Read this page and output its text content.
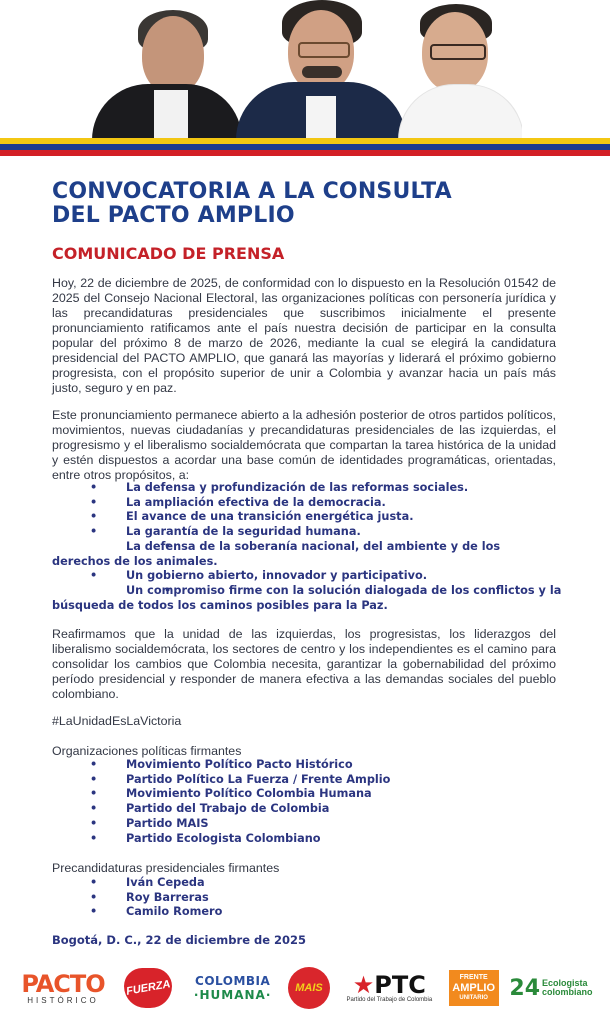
CONVOCATORIA A LA CONSULTA
DEL PACTO AMPLIO
COMUNICADO DE PRENSA

Hoy, 22 de diciembre de 2025, de conformidad con lo dispuesto en la Resolución 01542 de 2025 del Consejo Nacional Electoral, las organizaciones políticas con personería jurídica y las precandidaturas presidenciales que suscribimos inicialmente el presente pronunciamiento ratificamos ante el país nuestra decisión de participar en la consulta popular del próximo 8 de marzo de 2026, mediante la cual se elegirá la candidatura presidencial del PACTO AMPLIO, que ganará las mayorías y liderará el próximo gobierno progresista, con el propósito superior de unir a Colombia y avanzar hacia un país más justo, seguro y en paz.

Este pronunciamiento permanece abierto a la adhesión posterior de otros partidos políticos, movimientos, nuevas ciudadanías y precandidaturas presidenciales de las izquierdas, el progresismo y el liberalismo socialdemócrata que compartan la tarea histórica de la unidad y estén dispuestos a acordar una base común de identidades programáticas, orientadas, entre otros propósitos, a:

• La defensa y profundización de las reformas sociales.
• La ampliación efectiva de la democracia.
• El avance de una transición energética justa.
• La garantía de la seguridad humana.
• La defensa de la soberanía nacional, del ambiente y de los derechos de los animales.
• Un gobierno abierto, innovador y participativo.
• Un compromiso firme con la solución dialogada de los conflictos y la búsqueda de todos los caminos posibles para la Paz.

Reafirmamos que la unidad de las izquierdas, los progresistas, los liderazgos del liberalismo socialdemócrata, los sectores de centro y los independientes es el camino para consolidar los cambios que Colombia necesita, garantizar la gobernabilidad del próximo período presidencial y responder de manera efectiva a las demandas sociales del pueblo colombiano.

#LaUnidadEsLaVictoria
Organizaciones políticas firmantes
• Movimiento Político Pacto Histórico
• Partido Político La Fuerza / Frente Amplio
• Movimiento Político Colombia Humana
• Partido del Trabajo de Colombia
• Partido MAIS
• Partido Ecologista Colombiano
Precandidaturas presidenciales firmantes
• Iván Cepeda
• Roy Barreras
• Camilo Romero
Bogotá, D. C., 22 de diciembre de 2025
PACTO
HISTÓRICO
FUERZA COLOMBIA
·HUMANA· MAIS ★PTC
Partido del Trabajo de Colombia
FRENTE
AMPLIO
UNITARIO 24 Ecologista
colombiano
